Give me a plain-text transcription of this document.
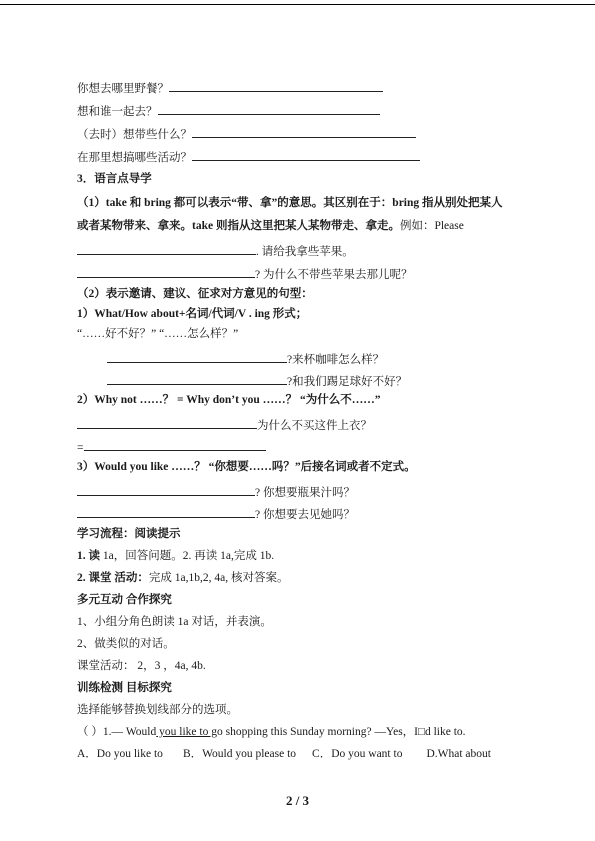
你想去哪里野餐？
想和谁一起去？
（去时）想带些什么？
在那里想搞哪些活动？
3．语言点导学
（1）take 和 bring 都可以表示“带、拿”的意思。其区别在于：bring 指从别处把某人
或者某物带来、拿来。take 则指从这里把某人某物带走、拿走。例如：Please
. 请给我拿些苹果。
? 为什么不带些苹果去那儿呢？
（2）表示邀请、建议、征求对方意见的句型：
1）What/How about+名词/代词/V . ing 形式；
“……好不好？” “……怎么样？”
?来杯咖啡怎么样？
?和我们踢足球好不好？
2）Why not ……？ = Why don’t you ……？ “为什么不……”
为什么不买这件上衣？
=
3）Would you like ……？ “你想要……吗？”后接名词或者不定式。
? 你想要瓶果汁吗？
? 你想要去见她吗？
学习流程：阅读提示
1. 读 1a，回答问题。2. 再读 1a,完成 1b.
2. 课堂 活动：完成 1a,1b,2, 4a, 核对答案。
多元互动 合作探究
1、小组分角色朗读 1a 对话，并表演。
2、做类似的对话。
课堂活动： 2，3 ，4a, 4b.
训练检测 目标探究
选择能够替换划线部分的选项。
（ ）1.— Would you like to go shopping this Sunday morning? —Yes，I□d like to.
A．Do you like to B．Would you please to C．Do you want to D.What about
2 / 3
